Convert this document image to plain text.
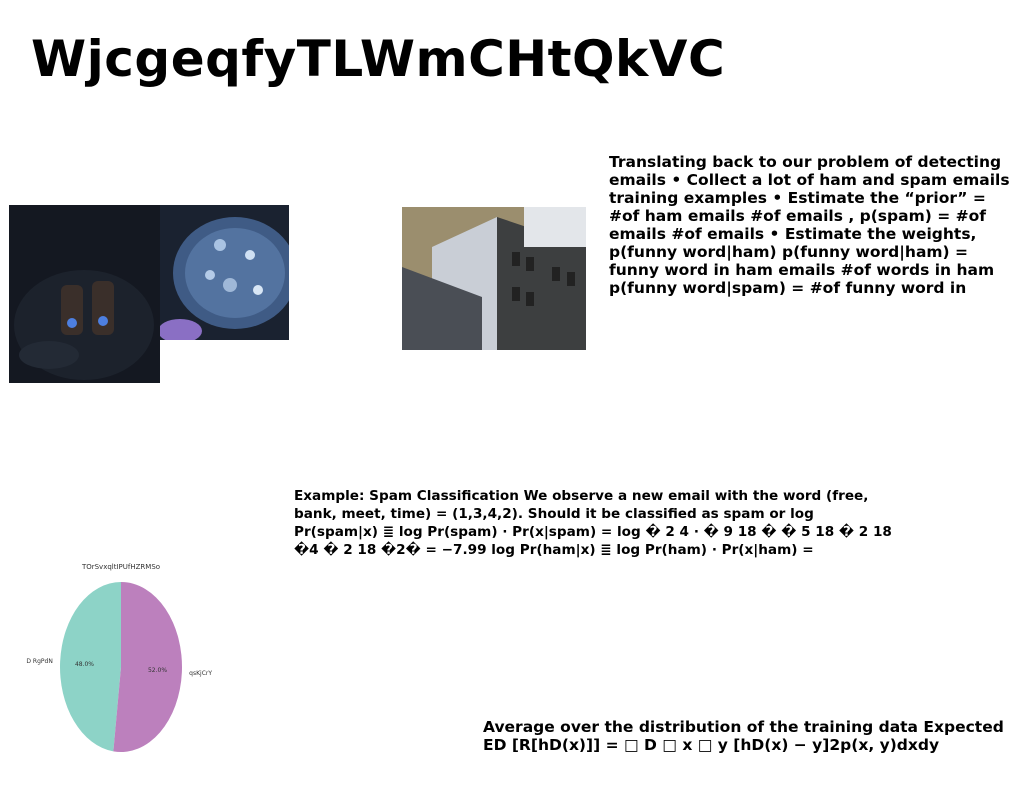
WjcgeqfyTLWmCHtQkVC

Translating back to our problem of detecting emails • Collect a lot of ham and spam emails training examples • Estimate the “prior” = #of ham emails #of emails , p(spam) = #of emails #of emails • Estimate the weights, p(funny word|ham) p(funny word|ham) = funny word in ham emails #of words in ham p(funny word|spam) = #of funny word in

Example: Spam Classification We observe a new email with the word (free, bank, meet, time) = (1,3,4,2). Should it be classified as spam or log Pr(spam|x) ≣ log Pr(spam) ⋅ Pr(x|spam) = log � 2 4 ⋅ � 9 18 � � 5 18 � 2 18 �4 � 2 18 �2� = −7.99 log Pr(ham|x) ≣ log Pr(ham) ⋅ Pr(x|ham) =

Average over the distribution of the training data Expected ED [R[hD(x)]] = □ D □ x □ y [hD(x) − y]2p(x, y)dxdy

TOrSvxqltIPUfHZRMSo
48.0%
D RgPdN
52.0%	qsKjCrY
